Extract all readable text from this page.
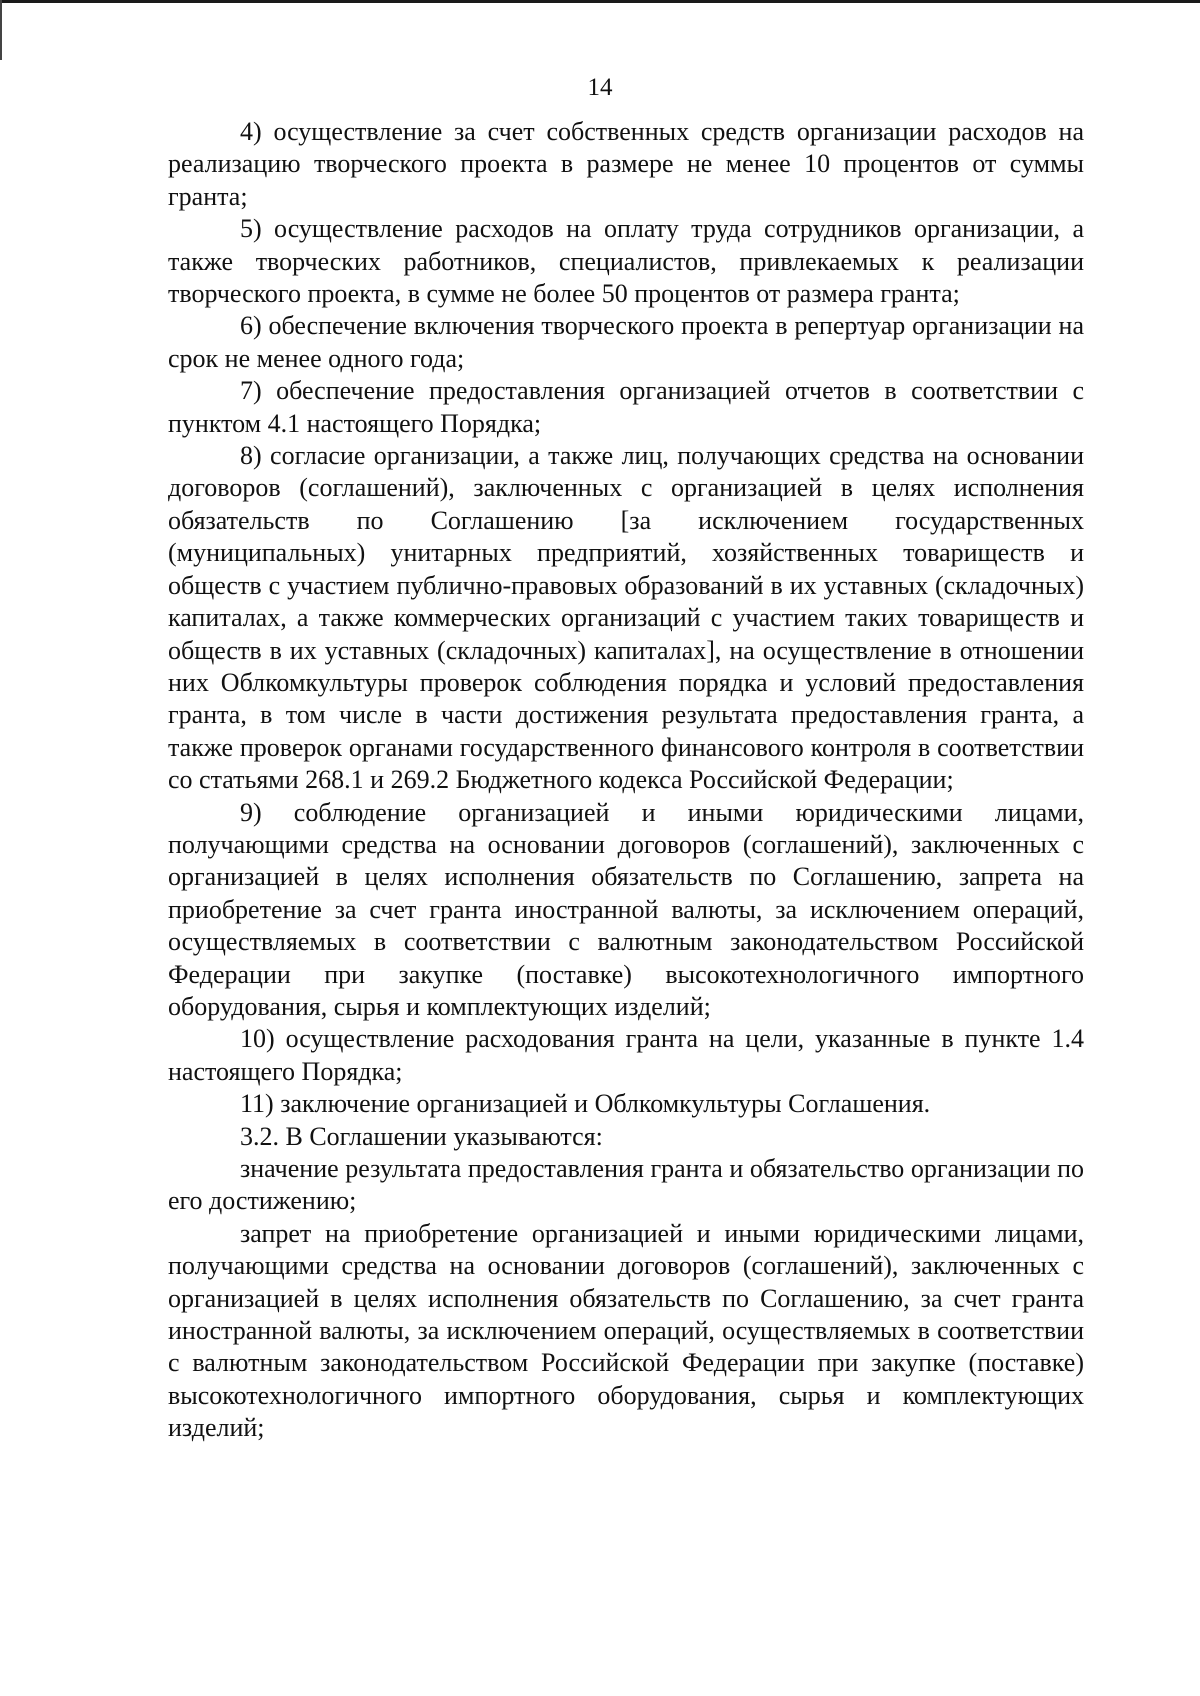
14

4) осуществление за счет собственных средств организации расходов на реализацию творческого проекта в размере не менее 10 процентов от суммы гранта;

5) осуществление расходов на оплату труда сотрудников организации, а также творческих работников, специалистов, привлекаемых к реализации творческого проекта, в сумме не более 50 процентов от размера гранта;

6) обеспечение включения творческого проекта в репертуар организации на срок не менее одного года;

7) обеспечение предоставления организацией отчетов в соответствии с пунктом 4.1 настоящего Порядка;

8) согласие организации, а также лиц, получающих средства на основании договоров (соглашений), заключенных с организацией в целях исполнения обязательств по Соглашению [за исключением государственных (муниципальных) унитарных предприятий, хозяйственных товариществ и обществ с участием публично-правовых образований в их уставных (складочных) капиталах, а также коммерческих организаций с участием таких товариществ и обществ в их уставных (складочных) капиталах], на осуществление в отношении них Облкомкультуры проверок соблюдения порядка и условий предоставления гранта, в том числе в части достижения результата предоставления гранта, а также проверок органами государственного финансового контроля в соответствии со статьями 268.1 и 269.2 Бюджетного кодекса Российской Федерации;

9) соблюдение организацией и иными юридическими лицами, получающими средства на основании договоров (соглашений), заключенных с организацией в целях исполнения обязательств по Соглашению, запрета на приобретение за счет гранта иностранной валюты, за исключением операций, осуществляемых в соответствии с валютным законодательством Российской Федерации при закупке (поставке) высокотехнологичного импортного оборудования, сырья и комплектующих изделий;

10) осуществление расходования гранта на цели, указанные в пункте 1.4 настоящего Порядка;

11) заключение организацией и Облкомкультуры Соглашения.

3.2. В Соглашении указываются:

значение результата предоставления гранта и обязательство организации по его достижению;

запрет на приобретение организацией и иными юридическими лицами, получающими средства на основании договоров (соглашений), заключенных с организацией в целях исполнения обязательств по Соглашению, за счет гранта иностранной валюты, за исключением операций, осуществляемых в соответствии с валютным законодательством Российской Федерации при закупке (поставке) высокотехнологичного импортного оборудования, сырья и комплектующих изделий;
